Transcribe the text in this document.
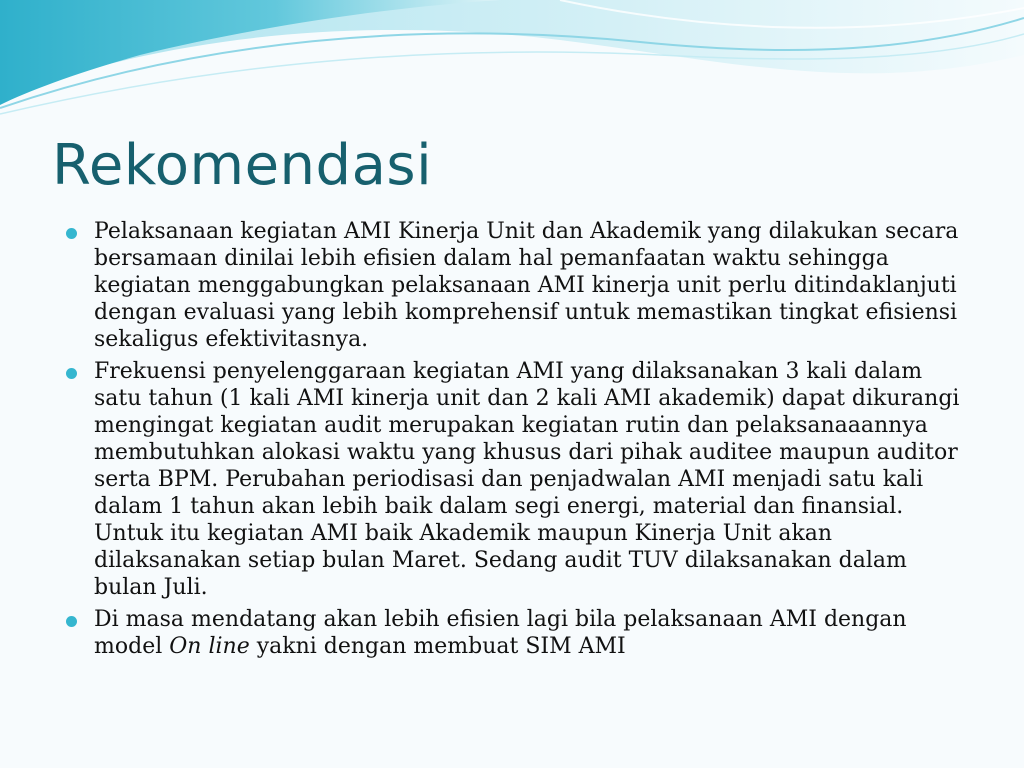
Rekomendasi
Pelaksanaan kegiatan AMI Kinerja Unit dan Akademik yang dilakukan secara bersamaan dinilai lebih efisien dalam hal pemanfaatan waktu sehingga kegiatan menggabungkan pelaksanaan AMI kinerja unit perlu ditindaklanjuti dengan evaluasi yang lebih komprehensif untuk memastikan tingkat efisiensi sekaligus efektivitasnya.
Frekuensi penyelenggaraan kegiatan AMI yang dilaksanakan 3 kali dalam satu tahun (1 kali AMI kinerja unit dan 2 kali AMI akademik) dapat dikurangi mengingat kegiatan audit merupakan kegiatan rutin dan pelaksanaaannya membutuhkan alokasi waktu yang khusus dari pihak auditee maupun auditor serta BPM. Perubahan periodisasi dan penjadwalan AMI menjadi satu kali dalam 1 tahun akan lebih baik dalam segi energi, material dan finansial. Untuk itu kegiatan AMI baik Akademik maupun Kinerja Unit akan dilaksanakan setiap bulan Maret. Sedang audit TUV dilaksanakan dalam bulan Juli.
Di masa mendatang akan lebih efisien lagi bila pelaksanaan AMI dengan model On line yakni dengan membuat SIM AMI
